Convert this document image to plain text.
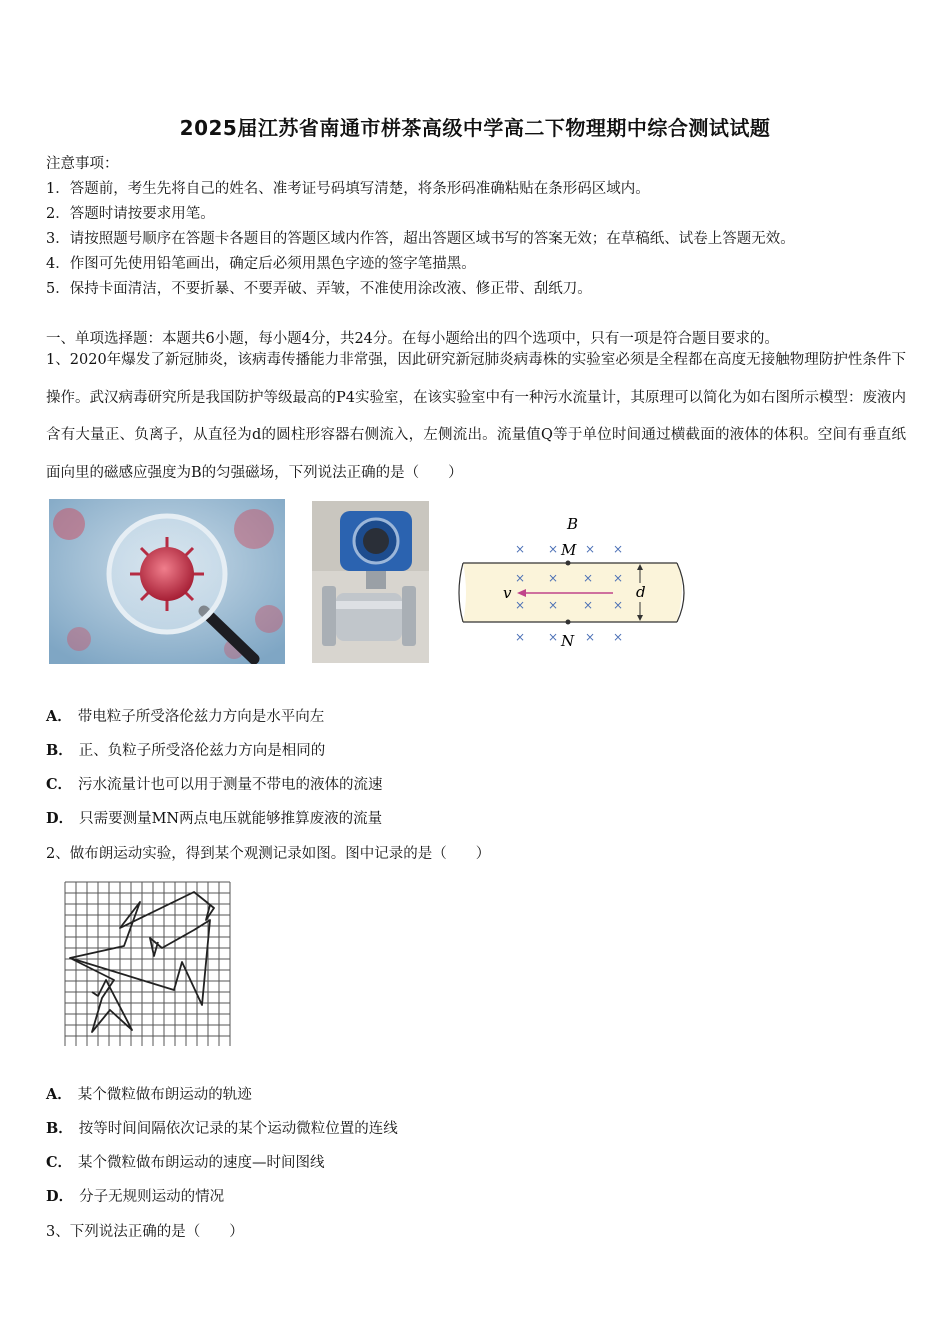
2025届江苏省南通市栟茶高级中学高二下物理期中综合测试试题
注意事项：
1．答题前，考生先将自己的姓名、准考证号码填写清楚，将条形码准确粘贴在条形码区域内。
2．答题时请按要求用笔。
3．请按照题号顺序在答题卡各题目的答题区域内作答，超出答题区域书写的答案无效；在草稿纸、试卷上答题无效。
4．作图可先使用铅笔画出，确定后必须用黑色字迹的签字笔描黑。
5．保持卡面清洁，不要折暴、不要弄破、弄皱，不准使用涂改液、修正带、刮纸刀。
一、单项选择题：本题共6小题，每小题4分，共24分。在每小题给出的四个选项中，只有一项是符合题目要求的。
1、2020年爆发了新冠肺炎，该病毒传播能力非常强，因此研究新冠肺炎病毒株的实验室必须是全程都在高度无接触物理防护性条件下操作。武汉病毒研究所是我国防护等级最高的P4实验室，在该实验室中有一种污水流量计，其原理可以简化为如右图所示模型：废液内含有大量正、负离子，从直径为d的圆柱形容器右侧流入，左侧流出。流量值Q等于单位时间通过横截面的液体的体积。空间有垂直纸面向里的磁感应强度为B的匀强磁场，下列说法正确的是（　　）
B
M
N
v	d
× × × ×
× × × ×
× × × ×
× × × ×
A． 带电粒子所受洛伦兹力方向是水平向左
B． 正、负粒子所受洛伦兹力方向是相同的
C． 污水流量计也可以用于测量不带电的液体的流速
D． 只需要测量MN两点电压就能够推算废液的流量
2、做布朗运动实验，得到某个观测记录如图。图中记录的是（　　）
A． 某个微粒做布朗运动的轨迹
B． 按等时间间隔依次记录的某个运动微粒位置的连线
C． 某个微粒做布朗运动的速度—时间图线
D． 分子无规则运动的情况
3、下列说法正确的是（　　）
